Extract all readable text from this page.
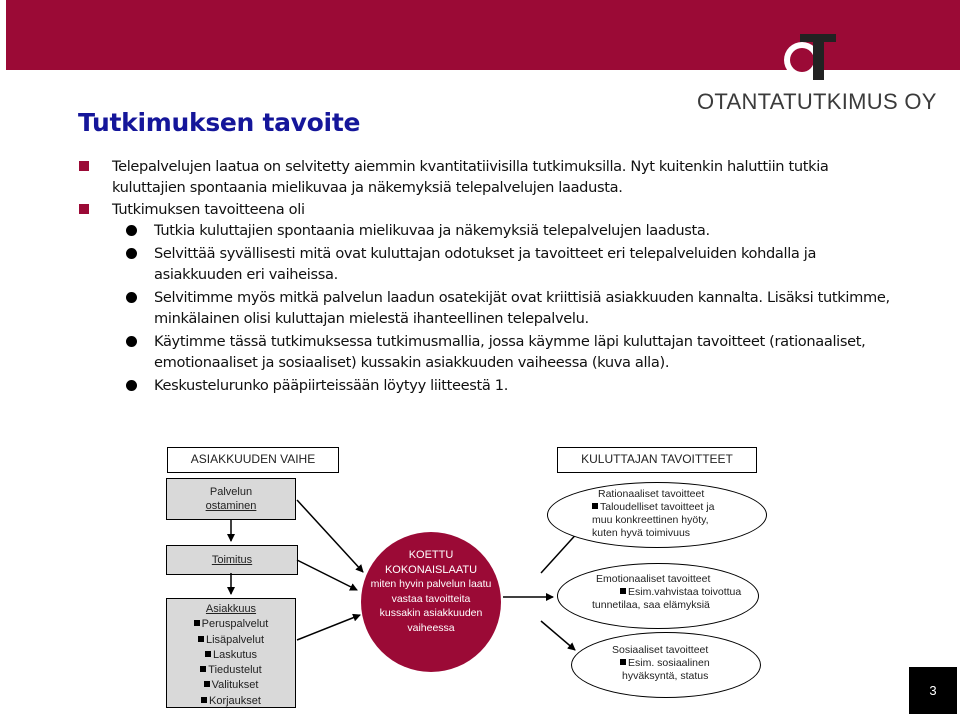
OTANTATUTKIMUS OY
Tutkimuksen tavoite
Telepalvelujen laatua on selvitetty aiemmin kvantitatiivisilla tutkimuksilla. Nyt kuitenkin haluttiin tutkia kuluttajien spontaania mielikuvaa ja näkemyksiä telepalvelujen laadusta.
Tutkimuksen tavoitteena oli
Tutkia kuluttajien spontaania mielikuvaa ja näkemyksiä telepalvelujen laadusta.
Selvittää syvällisesti mitä ovat kuluttajan odotukset ja tavoitteet eri telepalveluiden kohdalla ja asiakkuuden eri vaiheissa.
Selvitimme myös mitkä palvelun laadun osatekijät ovat kriittisiä asiakkuuden kannalta. Lisäksi tutkimme, minkälainen olisi kuluttajan mielestä ihanteellinen telepalvelu.
Käytimme tässä tutkimuksessa tutkimusmallia, jossa käymme läpi kuluttajan tavoitteet (rationaaliset, emotionaaliset ja sosiaaliset) kussakin asiakkuuden vaiheessa (kuva alla).
Keskustelurunko pääpiirteissään löytyy liitteestä 1.
ASIAKKUUDEN VAIHE	KULUTTAJAN TAVOITTEET
Palvelun
ostaminen
Toimitus
Asiakkuus
Peruspalvelut
Lisäpalvelut
Laskutus
Tiedustelut
Valitukset
Korjaukset
KOETTU
KOKONAISLAATU
miten hyvin palvelun laatu
vastaa tavoitteita
kussakin asiakkuuden
vaiheessa
Rationaaliset tavoitteet
Taloudelliset tavoitteet ja
muu konkreettinen hyöty,
kuten hyvä toimivuus
Emotionaaliset tavoitteet
Esim.vahvistaa toivottua
tunnetilaa, saa elämyksiä
Sosiaaliset tavoitteet
Esim. sosiaalinen
hyväksyntä, status
3
